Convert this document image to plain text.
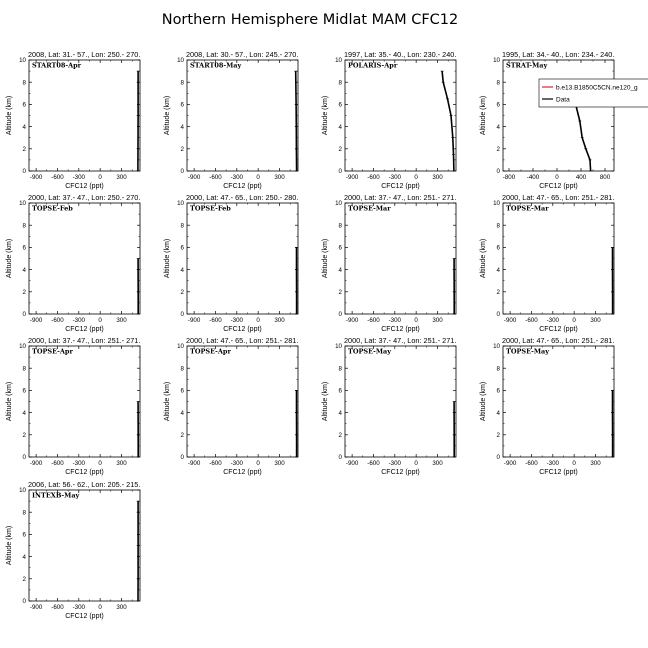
Northern Hemisphere Midlat MAM CFC12
2008, Lat: 31.- 57., Lon: 250.- 270.
START08-Apr
0
2
4
6
8
10
-900 -600 -300 0 300
CFC12 (ppt)
Altitude (km)
2008, Lat: 30.- 57., Lon: 245.- 270.
START08-May
0
2
4
6
8
10
-900 -600 -300 0 300
CFC12 (ppt)
Altitude (km)
1997, Lat: 35.- 40., Lon: 230.- 240.
POLARIS-Apr
0
2
4
6
8
10
-900 -600 -300 0 300
CFC12 (ppt)
Altitude (km)
1995, Lat: 34.- 40., Lon: 234.- 240.
STRAT-May
0
2
4
6
8
10
-800 -400	0	400 800
CFC12 (ppt)
Altitude (km)
b.e13.B1850C5CN.ne120_g
Data
2000, Lat: 37.- 47., Lon: 250.- 270.
TOPSE-Feb
0
2
4
6
8
10
-900 -600 -300 0 300
CFC12 (ppt)
Altitude (km)
2000, Lat: 47.- 65., Lon: 250.- 280.
TOPSE-Feb
0
2
4
6
8
10
-900 -600 -300 0 300
CFC12 (ppt)
Altitude (km)
2000, Lat: 37.- 47., Lon: 251.- 271.
TOPSE-Mar
0
2
4
6
8
10
-900 -600 -300 0 300
CFC12 (ppt)
Altitude (km)
2000, Lat: 47.- 65., Lon: 251.- 281.
TOPSE-Mar
0
2
4
6
8
10
-900 -600 -300 0 300
CFC12 (ppt)
Altitude (km)
2000, Lat: 37.- 47., Lon: 251.- 271.
TOPSE-Apr
0
2
4
6
8
10
-900 -600 -300 0 300
CFC12 (ppt)
Altitude (km)
2000, Lat: 47.- 65., Lon: 251.- 281.
TOPSE-Apr
0
2
4
6
8
10
-900 -600 -300 0 300
CFC12 (ppt)
Altitude (km)
2000, Lat: 37.- 47., Lon: 251.- 271.
TOPSE-May
0
2
4
6
8
10
-900 -600 -300 0 300
CFC12 (ppt)
Altitude (km)
2000, Lat: 47.- 65., Lon: 251.- 281.
TOPSE-May
0
2
4
6
8
10
-900 -600 -300 0 300
CFC12 (ppt)
Altitude (km)
2006, Lat: 56.- 62., Lon: 205.- 215.
INTEXB-May
0
2
4
6
8
10
-900 -600 -300 0 300
CFC12 (ppt)
Altitude (km)
